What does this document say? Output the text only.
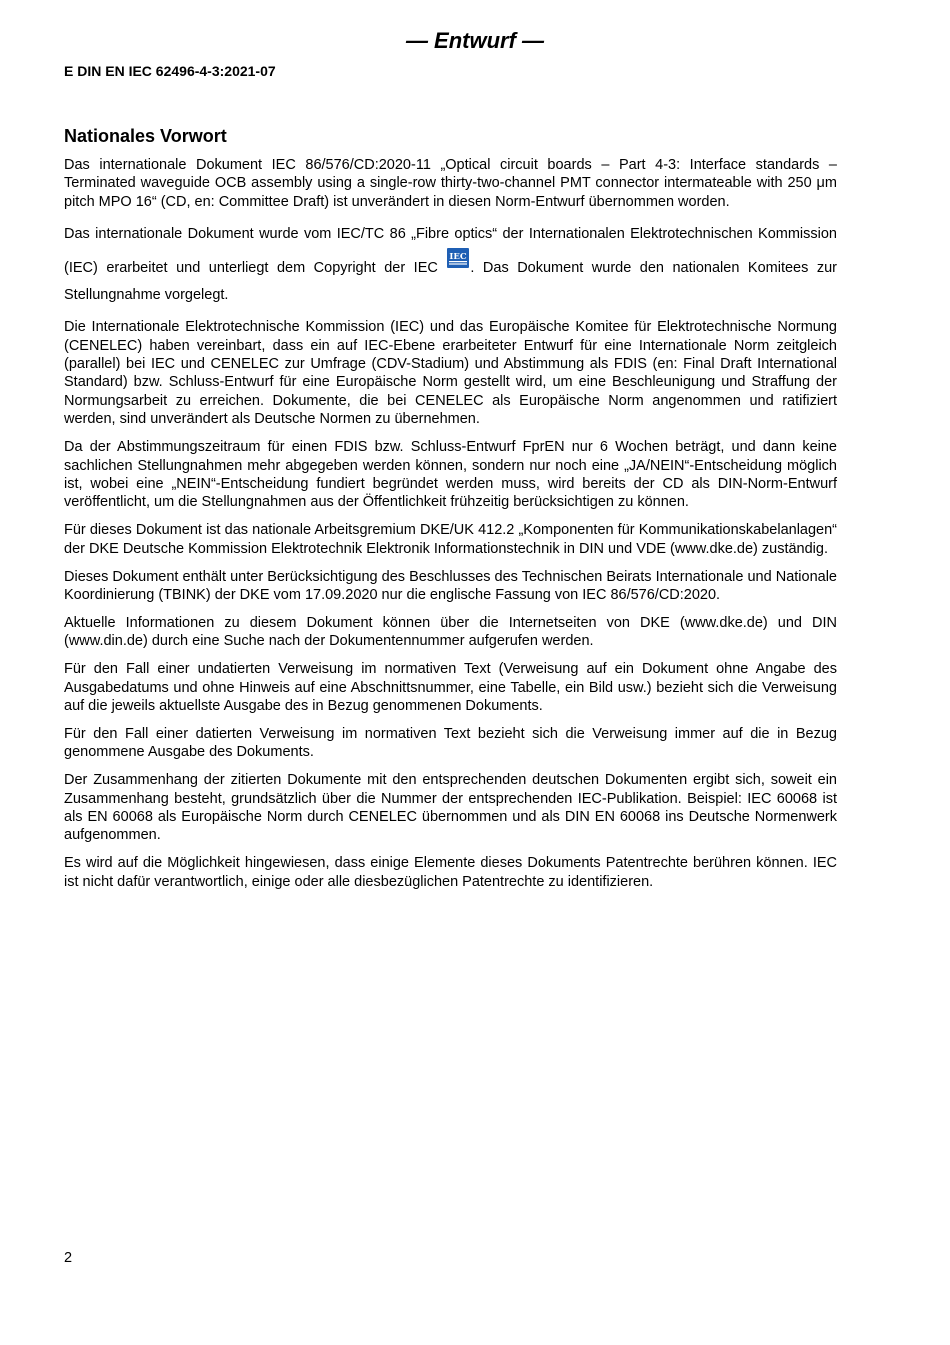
— Entwurf —
E DIN EN IEC 62496-4-3:2021-07
Nationales Vorwort

Das internationale Dokument IEC 86/576/CD:2020-11 „Optical circuit boards – Part 4-3: Interface standards – Terminated waveguide OCB assembly using a single-row thirty-two-channel PMT connector intermateable with 250 μm pitch MPO 16“ (CD, en: Committee Draft) ist unverändert in diesen Norm-Entwurf übernommen worden.

Das internationale Dokument wurde vom IEC/TC 86 „Fibre optics“ der Internationalen Elektrotechnischen Kommission (IEC) erarbeitet und unterliegt dem Copyright der IEC
IEC
. Das Dokument wurde den nationalen Komitees zur Stellungnahme vorgelegt.

Die Internationale Elektrotechnische Kommission (IEC) und das Europäische Komitee für Elektrotechnische Normung (CENELEC) haben vereinbart, dass ein auf IEC-Ebene erarbeiteter Entwurf für eine Internationale Norm zeitgleich (parallel) bei IEC und CENELEC zur Umfrage (CDV-Stadium) und Abstimmung als FDIS (en: Final Draft International Standard) bzw. Schluss-Entwurf für eine Europäische Norm gestellt wird, um eine Beschleunigung und Straffung der Normungsarbeit zu erreichen. Dokumente, die bei CENELEC als Europäische Norm angenommen und ratifiziert werden, sind unverändert als Deutsche Normen zu übernehmen.

Da der Abstimmungszeitraum für einen FDIS bzw. Schluss-Entwurf FprEN nur 6 Wochen beträgt, und dann keine sachlichen Stellungnahmen mehr abgegeben werden können, sondern nur noch eine „JA/NEIN“-Entscheidung möglich ist, wobei eine „NEIN“-Entscheidung fundiert begründet werden muss, wird bereits der CD als DIN-Norm-Entwurf veröffentlicht, um die Stellungnahmen aus der Öffentlichkeit frühzeitig berücksichtigen zu können.

Für dieses Dokument ist das nationale Arbeitsgremium DKE/UK 412.2 „Komponenten für Kommunikationskabelanlagen“ der DKE Deutsche Kommission Elektrotechnik Elektronik Informationstechnik in DIN und VDE (www.dke.de) zuständig.

Dieses Dokument enthält unter Berücksichtigung des Beschlusses des Technischen Beirats Internationale und Nationale Koordinierung (TBINK) der DKE vom 17.09.2020 nur die englische Fassung von IEC 86/576/CD:2020.

Aktuelle Informationen zu diesem Dokument können über die Internetseiten von DKE (www.dke.de) und DIN (www.din.de) durch eine Suche nach der Dokumentennummer aufgerufen werden.

Für den Fall einer undatierten Verweisung im normativen Text (Verweisung auf ein Dokument ohne Angabe des Ausgabedatums und ohne Hinweis auf eine Abschnittsnummer, eine Tabelle, ein Bild usw.) bezieht sich die Verweisung auf die jeweils aktuellste Ausgabe des in Bezug genommenen Dokuments.

Für den Fall einer datierten Verweisung im normativen Text bezieht sich die Verweisung immer auf die in Bezug genommene Ausgabe des Dokuments.

Der Zusammenhang der zitierten Dokumente mit den entsprechenden deutschen Dokumenten ergibt sich, soweit ein Zusammenhang besteht, grundsätzlich über die Nummer der entsprechenden IEC-Publikation. Beispiel: IEC 60068 ist als EN 60068 als Europäische Norm durch CENELEC übernommen und als DIN EN 60068 ins Deutsche Normenwerk aufgenommen.

Es wird auf die Möglichkeit hingewiesen, dass einige Elemente dieses Dokuments Patentrechte berühren können. IEC ist nicht dafür verantwortlich, einige oder alle diesbezüglichen Patentrechte zu identifizieren.

2
